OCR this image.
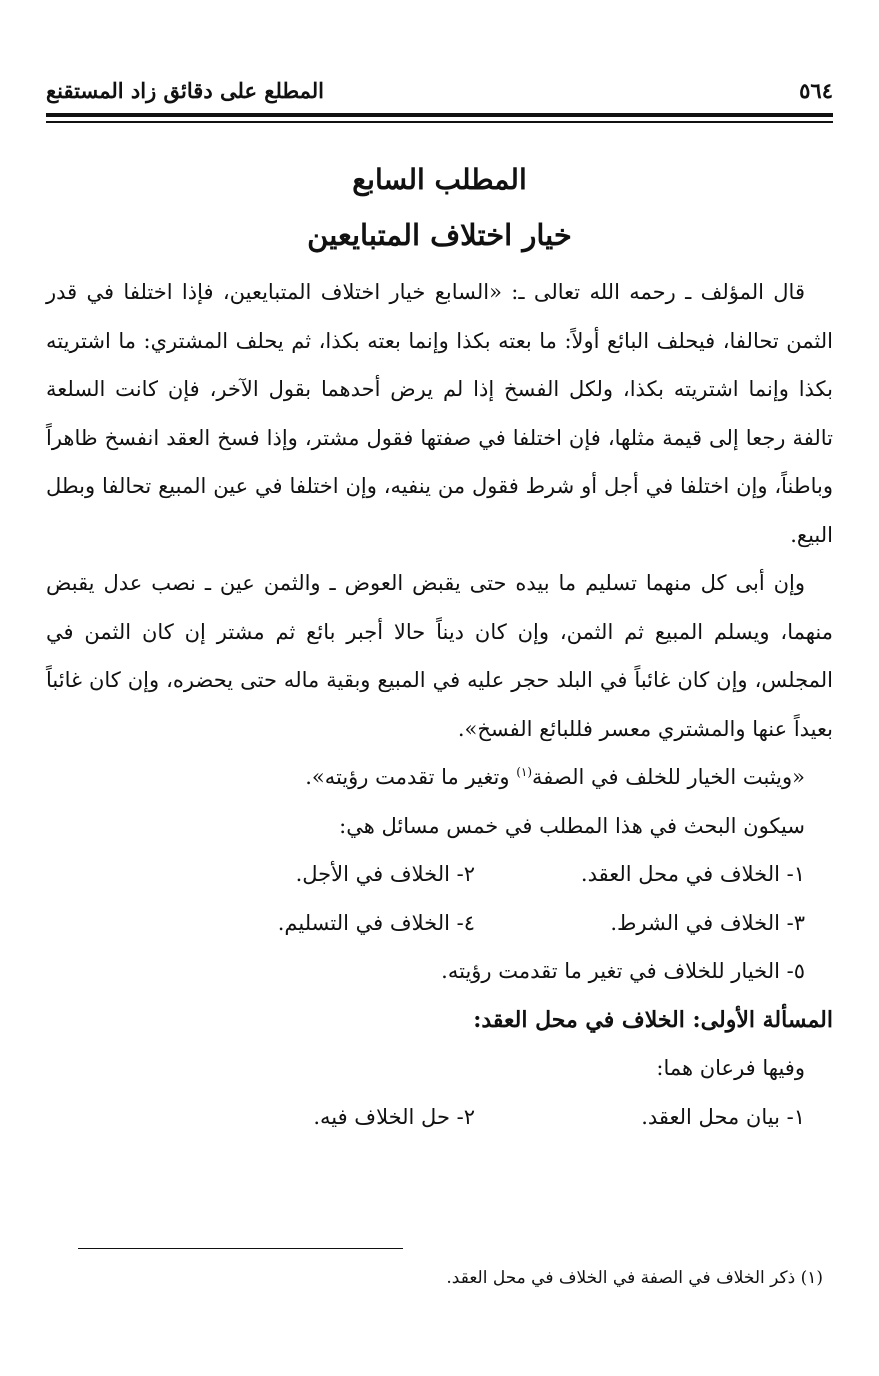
٥٦٤
المطلع على دقائق زاد المستقنع
المطلب السابع
خيار اختلاف المتبايعين

قال المؤلف ـ رحمه الله تعالى ـ: «السابع خيار اختلاف المتبايعين، فإذا اختلفا في قدر الثمن تحالفا، فيحلف البائع أولاً: ما بعته بكذا وإنما بعته بكذا، ثم يحلف المشتري: ما اشتريته بكذا وإنما اشتريته بكذا، ولكل الفسخ إذا لم يرض أحدهما بقول الآخر، فإن كانت السلعة تالفة رجعا إلى قيمة مثلها، فإن اختلفا في صفتها فقول مشتر، وإذا فسخ العقد انفسخ ظاهراً وباطناً، وإن اختلفا في أجل أو شرط فقول من ينفيه، وإن اختلفا في عين المبيع تحالفا وبطل البيع.

وإن أبى كل منهما تسليم ما بيده حتى يقبض العوض ـ والثمن عين ـ نصب عدل يقبض منهما، ويسلم المبيع ثم الثمن، وإن كان ديناً حالا أجبر بائع ثم مشتر إن كان الثمن في المجلس، وإن كان غائباً في البلد حجر عليه في المبيع وبقية ماله حتى يحضره، وإن كان غائباً بعيداً عنها والمشتري معسر فللبائع الفسخ».

«ويثبت الخيار للخلف في الصفة$^{(١)}$ وتغير ما تقدمت رؤيته».

سيكون البحث في هذا المطلب في خمس مسائل هي:

١- الخلاف في محل العقد.
٢- الخلاف في الأجل.
٣- الخلاف في الشرط.
٤- الخلاف في التسليم.
٥- الخيار للخلاف في تغير ما تقدمت رؤيته.
المسألة الأولى: الخلاف في محل العقد:
وفيها فرعان هما:
١- بيان محل العقد.
٢- حل الخلاف فيه.
(١) ذكر الخلاف في الصفة في الخلاف في محل العقد.
